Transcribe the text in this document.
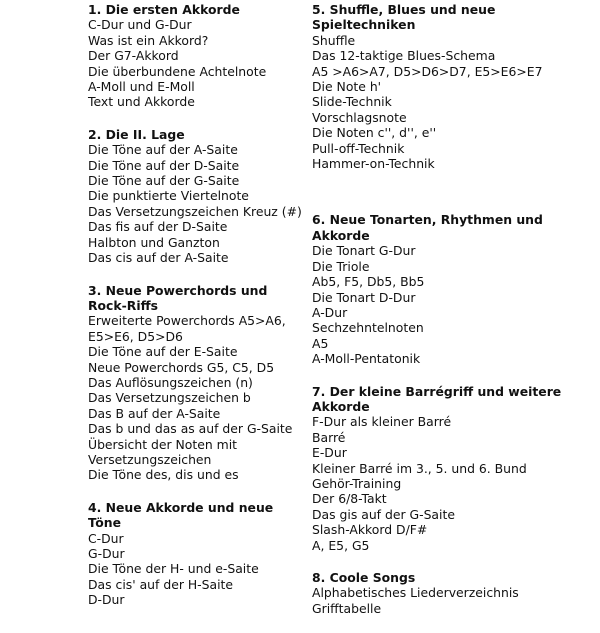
1. Die ersten Akkorde
C-Dur und G-Dur
Was ist ein Akkord?
Der G7-Akkord
Die überbundene Achtelnote
A-Moll und E-Moll
Text und Akkorde
2. Die II. Lage
Die Töne auf der A-Saite
Die Töne auf der D-Saite
Die Töne auf der G-Saite
Die punktierte Viertelnote
Das Versetzungszeichen Kreuz (#)
Das fis auf der D-Saite
Halbton und Ganzton
Das cis auf der A-Saite
3. Neue Powerchords und Rock-Riffs
Erweiterte Powerchords A5>A6,
E5>E6, D5>D6
Die Töne auf der E-Saite
Neue Powerchords G5, C5, D5
Das Auflösungszeichen (n)
Das Versetzungszeichen b
Das B auf der A-Saite
Das b und das as auf der G-Saite
Übersicht der Noten mit
Versetzungszeichen
Die Töne des, dis und es
4. Neue Akkorde und neue Töne
C-Dur
G-Dur
Die Töne der H- und e-Saite
Das cis' auf der H-Saite
D-Dur
5. Shuffle, Blues und neue Spieltechniken
Shuffle
Das 12-taktige Blues-Schema
A5 >A6>A7, D5>D6>D7, E5>E6>E7
Die Note h'
Slide-Technik
Vorschlagsnote
Die Noten c'', d'', e''
Pull-off-Technik
Hammer-on-Technik
6. Neue Tonarten, Rhythmen und Akkorde
Die Tonart G-Dur
Die Triole
Ab5, F5, Db5, Bb5
Die Tonart D-Dur
A-Dur
Sechzehntelnoten
A5
A-Moll-Pentatonik
7. Der kleine Barrégriff und weitere Akkorde
F-Dur als kleiner Barré
Barré
E-Dur
Kleiner Barré im 3., 5. und 6. Bund
Gehör-Training
Der 6/8-Takt
Das gis auf der G-Saite
Slash-Akkord D/F#
A, E5, G5
8. Coole Songs
Alphabetisches Liederverzeichnis
Grifftabelle
